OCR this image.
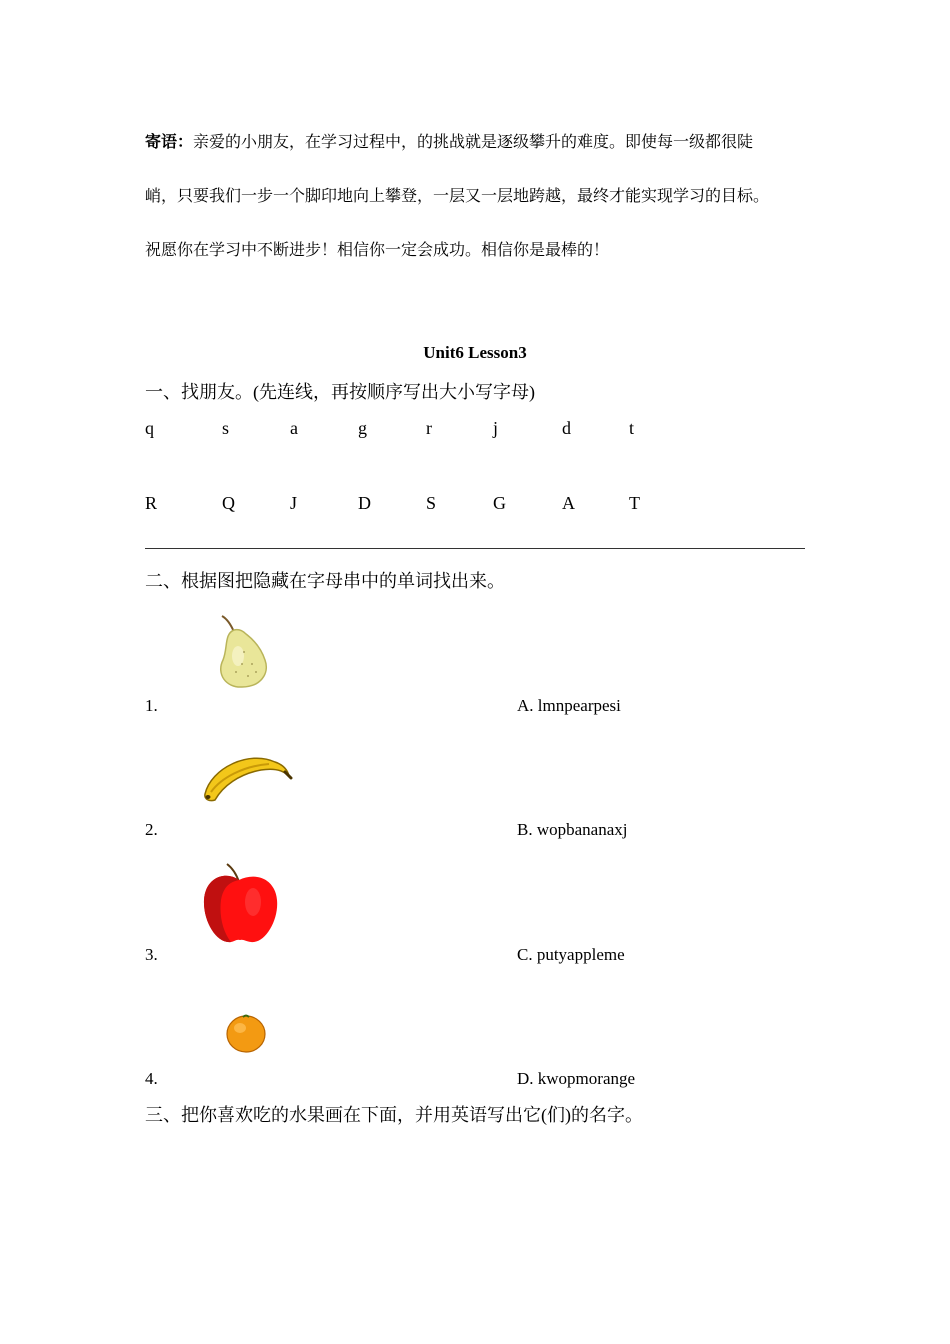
寄语：亲爱的小朋友，在学习过程中，的挑战就是逐级攀升的难度。即使每一级都很陡
峭，只要我们一步一个脚印地向上攀登，一层又一层地跨越，最终才能实现学习的目标。
祝愿你在学习中不断进步！相信你一定会成功。相信你是最棒的！
Unit6 Lesson3
一、找朋友。(先连线，再按顺序写出大小写字母)
q	s	a	g	r	j	d	t
R	Q	J	D	S	G	A	T
二、根据图把隐藏在字母串中的单词找出来。
1.	A. lmnpearpesi
2.	B. wopbananaxj
3.	C. putyappleme
4.	D. kwopmorange
三、把你喜欢吃的水果画在下面，并用英语写出它(们)的名字。
